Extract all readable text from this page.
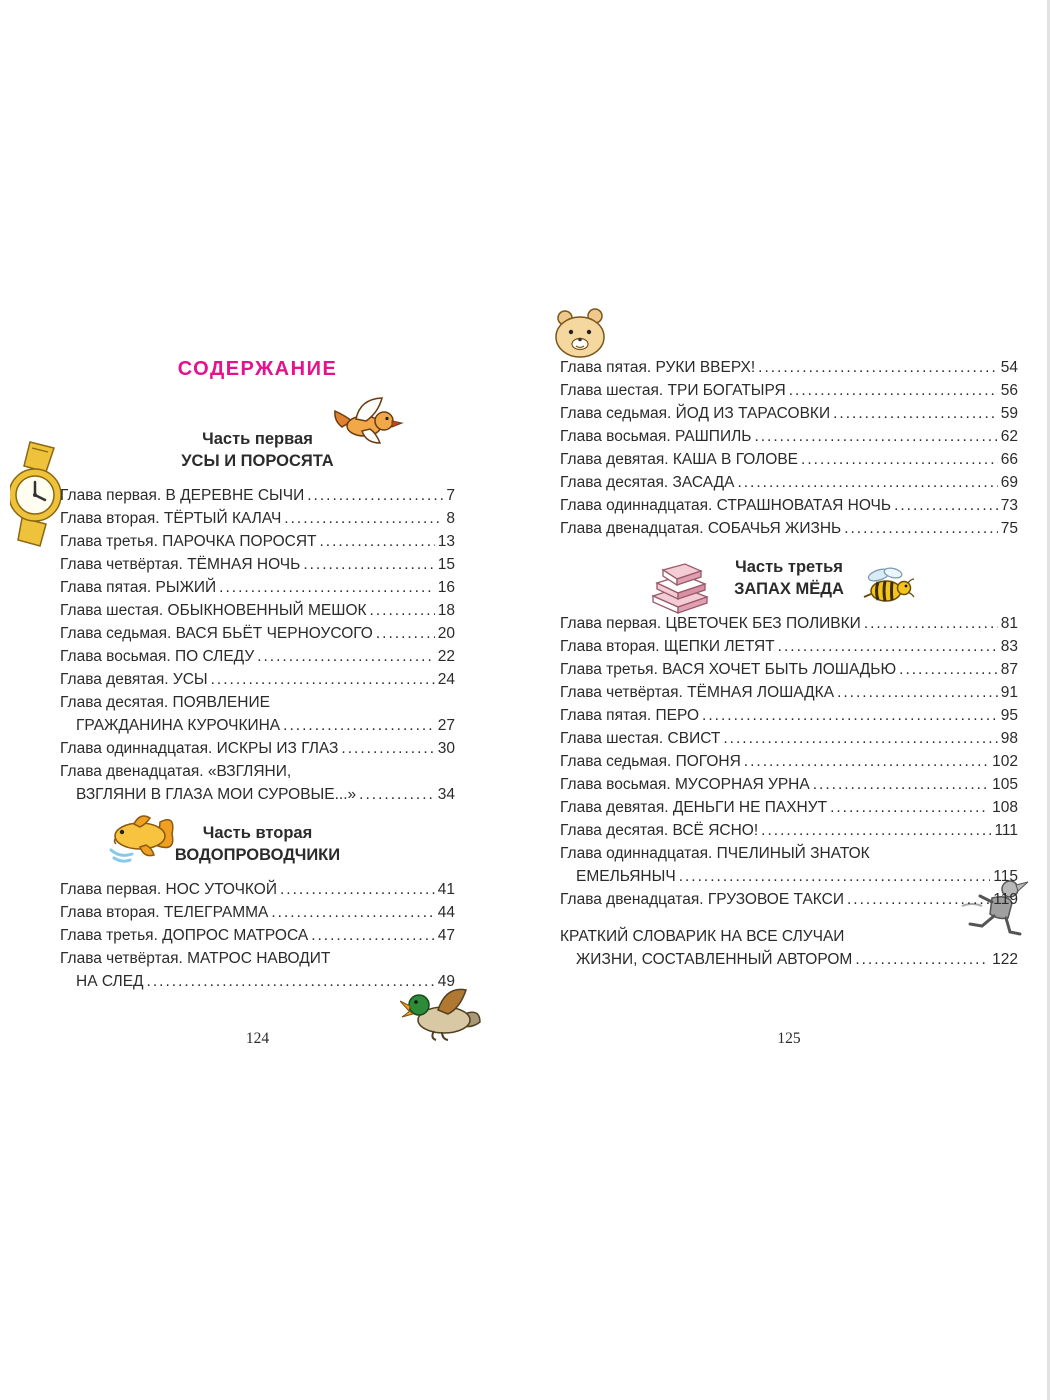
СОДЕРЖАНИЕ
Часть первая
УСЫ И ПОРОСЯТА
Глава первая. В ДЕРЕВНЕ СЫЧИ .....	7
Глава вторая. ТЁРТЫЙ КАЛАЧ .....	8
Глава третья. ПАРОЧКА ПОРОСЯТ .....	13
Глава четвёртая. ТЁМНАЯ НОЧЬ .....	15
Глава пятая. РЫЖИЙ .....	16
Глава шестая. ОБЫКНОВЕННЫЙ МЕШОК .....	18
Глава седьмая. ВАСЯ БЬЁТ ЧЕРНОУСОГО .....	20
Глава восьмая. ПО СЛЕДУ .....	22
Глава девятая. УСЫ .....	24
Глава десятая. ПОЯВЛЕНИЕ
ГРАЖДАНИНА КУРОЧКИНА .....	27
Глава одиннадцатая. ИСКРЫ ИЗ ГЛАЗ .....	30
Глава двенадцатая. «ВЗГЛЯНИ,
ВЗГЛЯНИ В ГЛАЗА МОИ СУРОВЫЕ...» .....	34
Часть вторая
ВОДОПРОВОДЧИКИ
Глава первая. НОС УТОЧКОЙ .....	41
Глава вторая. ТЕЛЕГРАММА .....	44
Глава третья. ДОПРОС МАТРОСА .....	47
Глава четвёртая. МАТРОС НАВОДИТ
НА СЛЕД .....	49
124
Глава пятая. РУКИ ВВЕРХ! .....	54
Глава шестая. ТРИ БОГАТЫРЯ .....	56
Глава седьмая. ЙОД ИЗ ТАРАСОВКИ .....	59
Глава восьмая. РАШПИЛЬ .....	62
Глава девятая. КАША В ГОЛОВЕ .....	66
Глава десятая. ЗАСАДА .....	69
Глава одиннадцатая. СТРАШНОВАТАЯ НОЧЬ .....	73
Глава двенадцатая. СОБАЧЬЯ ЖИЗНЬ .....	75
Часть третья
ЗАПАХ МЁДА
Глава первая. ЦВЕТОЧЕК БЕЗ ПОЛИВКИ .....	81
Глава вторая. ЩЕПКИ ЛЕТЯТ .....	83
Глава третья. ВАСЯ ХОЧЕТ БЫТЬ ЛОШАДЬЮ .....	87
Глава четвёртая. ТЁМНАЯ ЛОШАДКА .....	91
Глава пятая. ПЕРО .....	95
Глава шестая. СВИСТ .....	98
Глава седьмая. ПОГОНЯ .....	102
Глава восьмая. МУСОРНАЯ УРНА .....	105
Глава девятая. ДЕНЬГИ НЕ ПАХНУТ .....	108
Глава десятая. ВСЁ ЯСНО! .....	111
Глава одиннадцатая. ПЧЕЛИНЫЙ ЗНАТОК
ЕМЕЛЬЯНЫЧ .....	115
Глава двенадцатая. ГРУЗОВОЕ ТАКСИ .....	119
КРАТКИЙ СЛОВАРИК НА ВСЕ СЛУЧАИ
ЖИЗНИ, СОСТАВЛЕННЫЙ АВТОРОМ .....	122
125
